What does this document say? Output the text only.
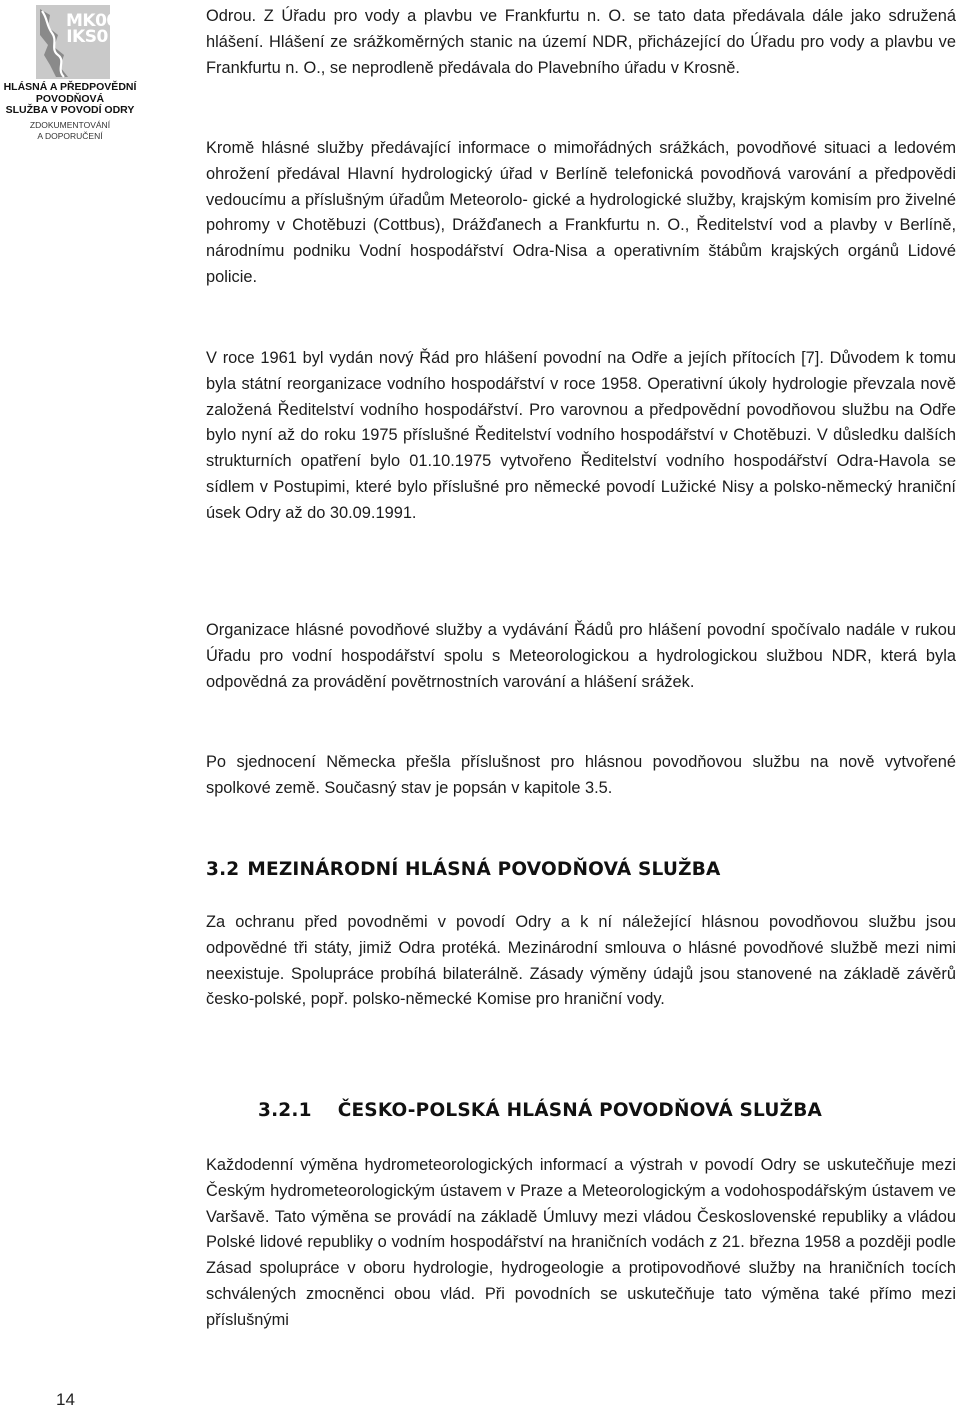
MK00
IKS0
HLÁSNÁ A PŘEDPOVĚDNÍ
POVODŇOVÁ
SLUŽBA V POVODÍ ODRY
ZDOKUMENTOVÁNÍ
A DOPORUČENÍ
14

Odrou. Z Úřadu pro vody a plavbu ve Frankfurtu n. O. se tato data předávala dále jako sdružená hlášení. Hlášení ze srážkoměrných stanic na území NDR, přicházející do Úřadu pro vody a plavbu ve Frankfurtu n. O., se neprodleně předávala do Plavebního úřadu v Krosně.

Kromě hlásné služby předávající informace o mimořádných srážkách, povodňové situaci a ledovém ohrožení předával Hlavní hydrologický úřad v Berlíně telefonická povodňová varování a předpovědi vedoucímu a příslušným úřadům Meteorolo- gické a hydrologické služby, krajským komisím pro živelné pohromy v Chotěbuzi (Cottbus), Drážďanech a Frankfurtu n. O., Ředitelství vod a plavby v Berlíně, národnímu podniku Vodní hospodářství Odra-Nisa a operativním štábům krajských orgánů Lidové policie.

V roce 1961 byl vydán nový Řád pro hlášení povodní na Odře a jejích přítocích [7]. Důvodem k tomu byla státní reorganizace vodního hospodářství v roce 1958. Operativní úkoly hydrologie převzala nově založená Ředitelství vodního hospodářství. Pro varovnou a předpovědní povodňovou službu na Odře bylo nyní až do roku 1975 příslušné Ředitelství vodního hospodářství v Chotěbuzi. V důsledku dalších strukturních opatření bylo 01.10.1975 vytvořeno Ředitelství vodního hospodářství Odra-Havola se sídlem v Postupimi, které bylo příslušné pro německé povodí Lužické Nisy a polsko-německý hraniční úsek Odry až do 30.09.1991.

Organizace hlásné povodňové služby a vydávání Řádů pro hlášení povodní spočívalo nadále v rukou Úřadu pro vodní hospodářství spolu s Meteorologickou a hydrologickou službou NDR, která byla odpovědná za provádění povětrnostních varování a hlášení srážek.

Po sjednocení Německa přešla příslušnost pro hlásnou povodňovou službu na nově vytvořené spolkové země. Současný stav je popsán v kapitole 3.5.

3.2 MEZINÁRODNÍ HLÁSNÁ POVODŇOVÁ SLUŽBA

Za ochranu před povodněmi v povodí Odry a k ní náležející hlásnou povodňovou službu jsou odpovědné tři státy, jimiž Odra protéká. Mezinárodní smlouva o hlásné povodňové službě mezi nimi neexistuje. Spolupráce probíhá bilaterálně. Zásady výměny údajů jsou stanovené na základě závěrů česko-polské, popř. polsko-německé Komise pro hraniční vody.

3.2.1 ČESKO-POLSKÁ HLÁSNÁ POVODŇOVÁ SLUŽBA

Každodenní výměna hydrometeorologických informací a výstrah v povodí Odry se uskutečňuje mezi Českým hydrometeorologickým ústavem v Praze a Meteorologickým a vodohospodářským ústavem ve Varšavě. Tato výměna se provádí na základě Úmluvy mezi vládou Československé republiky a vládou Polské lidové republiky o vodním hospodářství na hraničních vodách z 21. března 1958 a později podle Zásad spolupráce v oboru hydrologie, hydrogeologie a protipovodňové služby na hraničních tocích schválených zmocněnci obou vlád. Při povodních se uskutečňuje tato výměna také přímo mezi příslušnými
